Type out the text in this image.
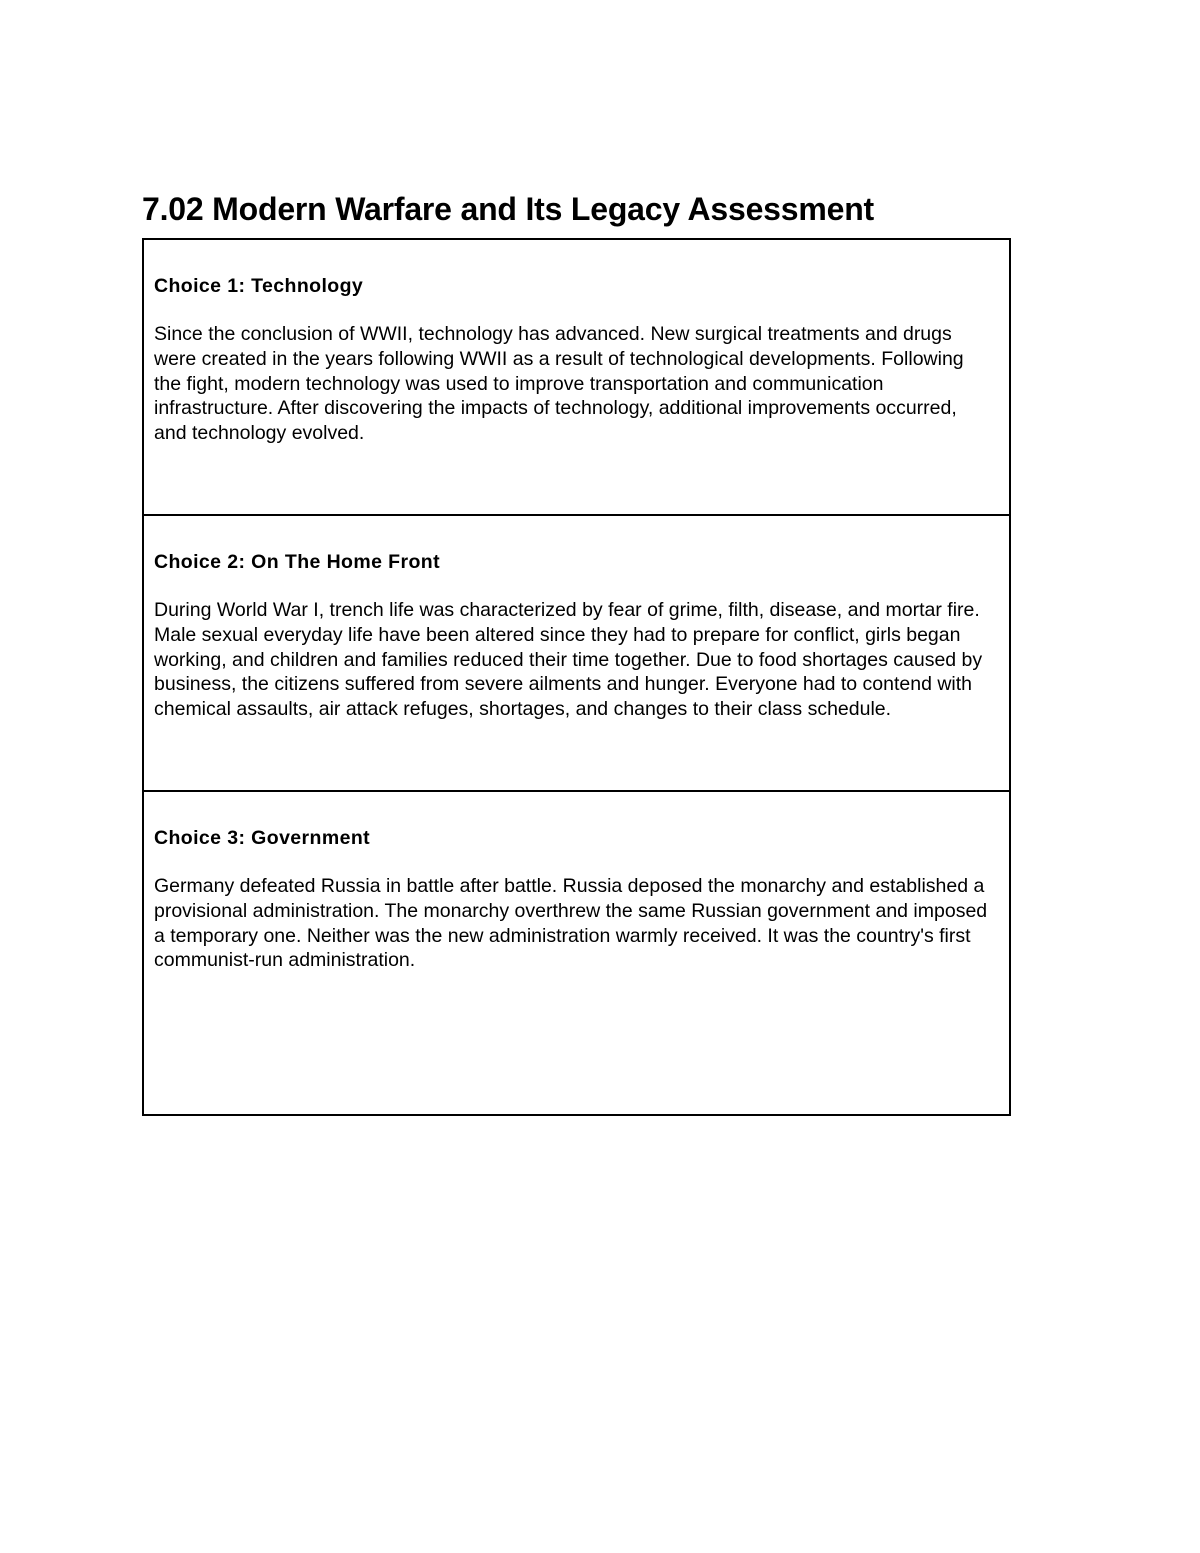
7.02 Modern Warfare and Its Legacy Assessment
Choice 1: Technology

Since the conclusion of WWII, technology has advanced. New surgical treatments and drugs were created in the years following WWII as a result of technological developments. Following the fight, modern technology was used to improve transportation and communication infrastructure. After discovering the impacts of technology, additional improvements occurred, and technology evolved.

Choice 2: On The Home Front

During World War I, trench life was characterized by fear of grime, filth, disease, and mortar fire. Male sexual everyday life have been altered since they had to prepare for conflict, girls began working, and children and families reduced their time together. Due to food shortages caused by business, the citizens suffered from severe ailments and hunger. Everyone had to contend with chemical assaults, air attack refuges, shortages, and changes to their class schedule.

Choice 3: Government

Germany defeated Russia in battle after battle. Russia deposed the monarchy and established a provisional administration. The monarchy overthrew the same Russian government and imposed a temporary one. Neither was the new administration warmly received. It was the country's first communist-run administration.
